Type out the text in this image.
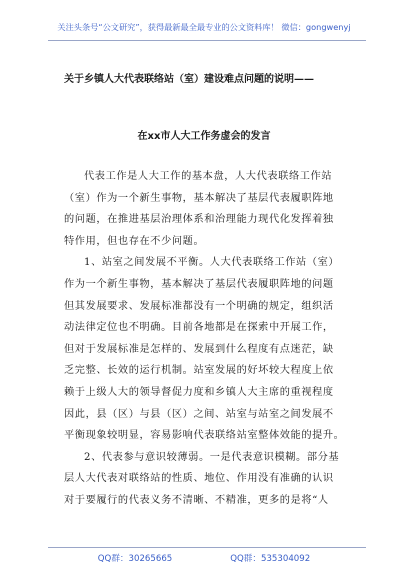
关注头条号“公文研究”，获得最新最全最专业的公文资料库！ 微信：gongwenyj
关于乡镇人大代表联络站（室）建设难点问题的说明——
在xx市人大工作务虚会的发言
代表工作是人大工作的基本盘，人大代表联络工作站
（室）作为一个新生事物，基本解决了基层代表履职阵地
的问题，在推进基层治理体系和治理能力现代化发挥着独
特作用，但也存在不少问题。
1、站室之间发展不平衡。人大代表联络工作站（室）
作为一个新生事物，基本解决了基层代表履职阵地的问题
但其发展要求、发展标准都没有一个明确的规定，组织活
动法律定位也不明确。目前各地都是在探索中开展工作，
但对于发展标准是怎样的、发展到什么程度有点迷茫，缺
乏完整、长效的运行机制。站室发展的好坏较大程度上依
赖于上级人大的领导督促力度和乡镇人大主席的重视程度
因此，县（区）与县（区）之间、站室与站室之间发展不
平衡现象较明显，容易影响代表联络站室整体效能的提升。
2、代表参与意识较薄弱。一是代表意识模糊。部分基
层人大代表对联络站的性质、地位、作用没有准确的认识
对于要履行的代表义务不清晰、不精准，更多的是将“人
QQ群：30265665	QQ群：535304092
